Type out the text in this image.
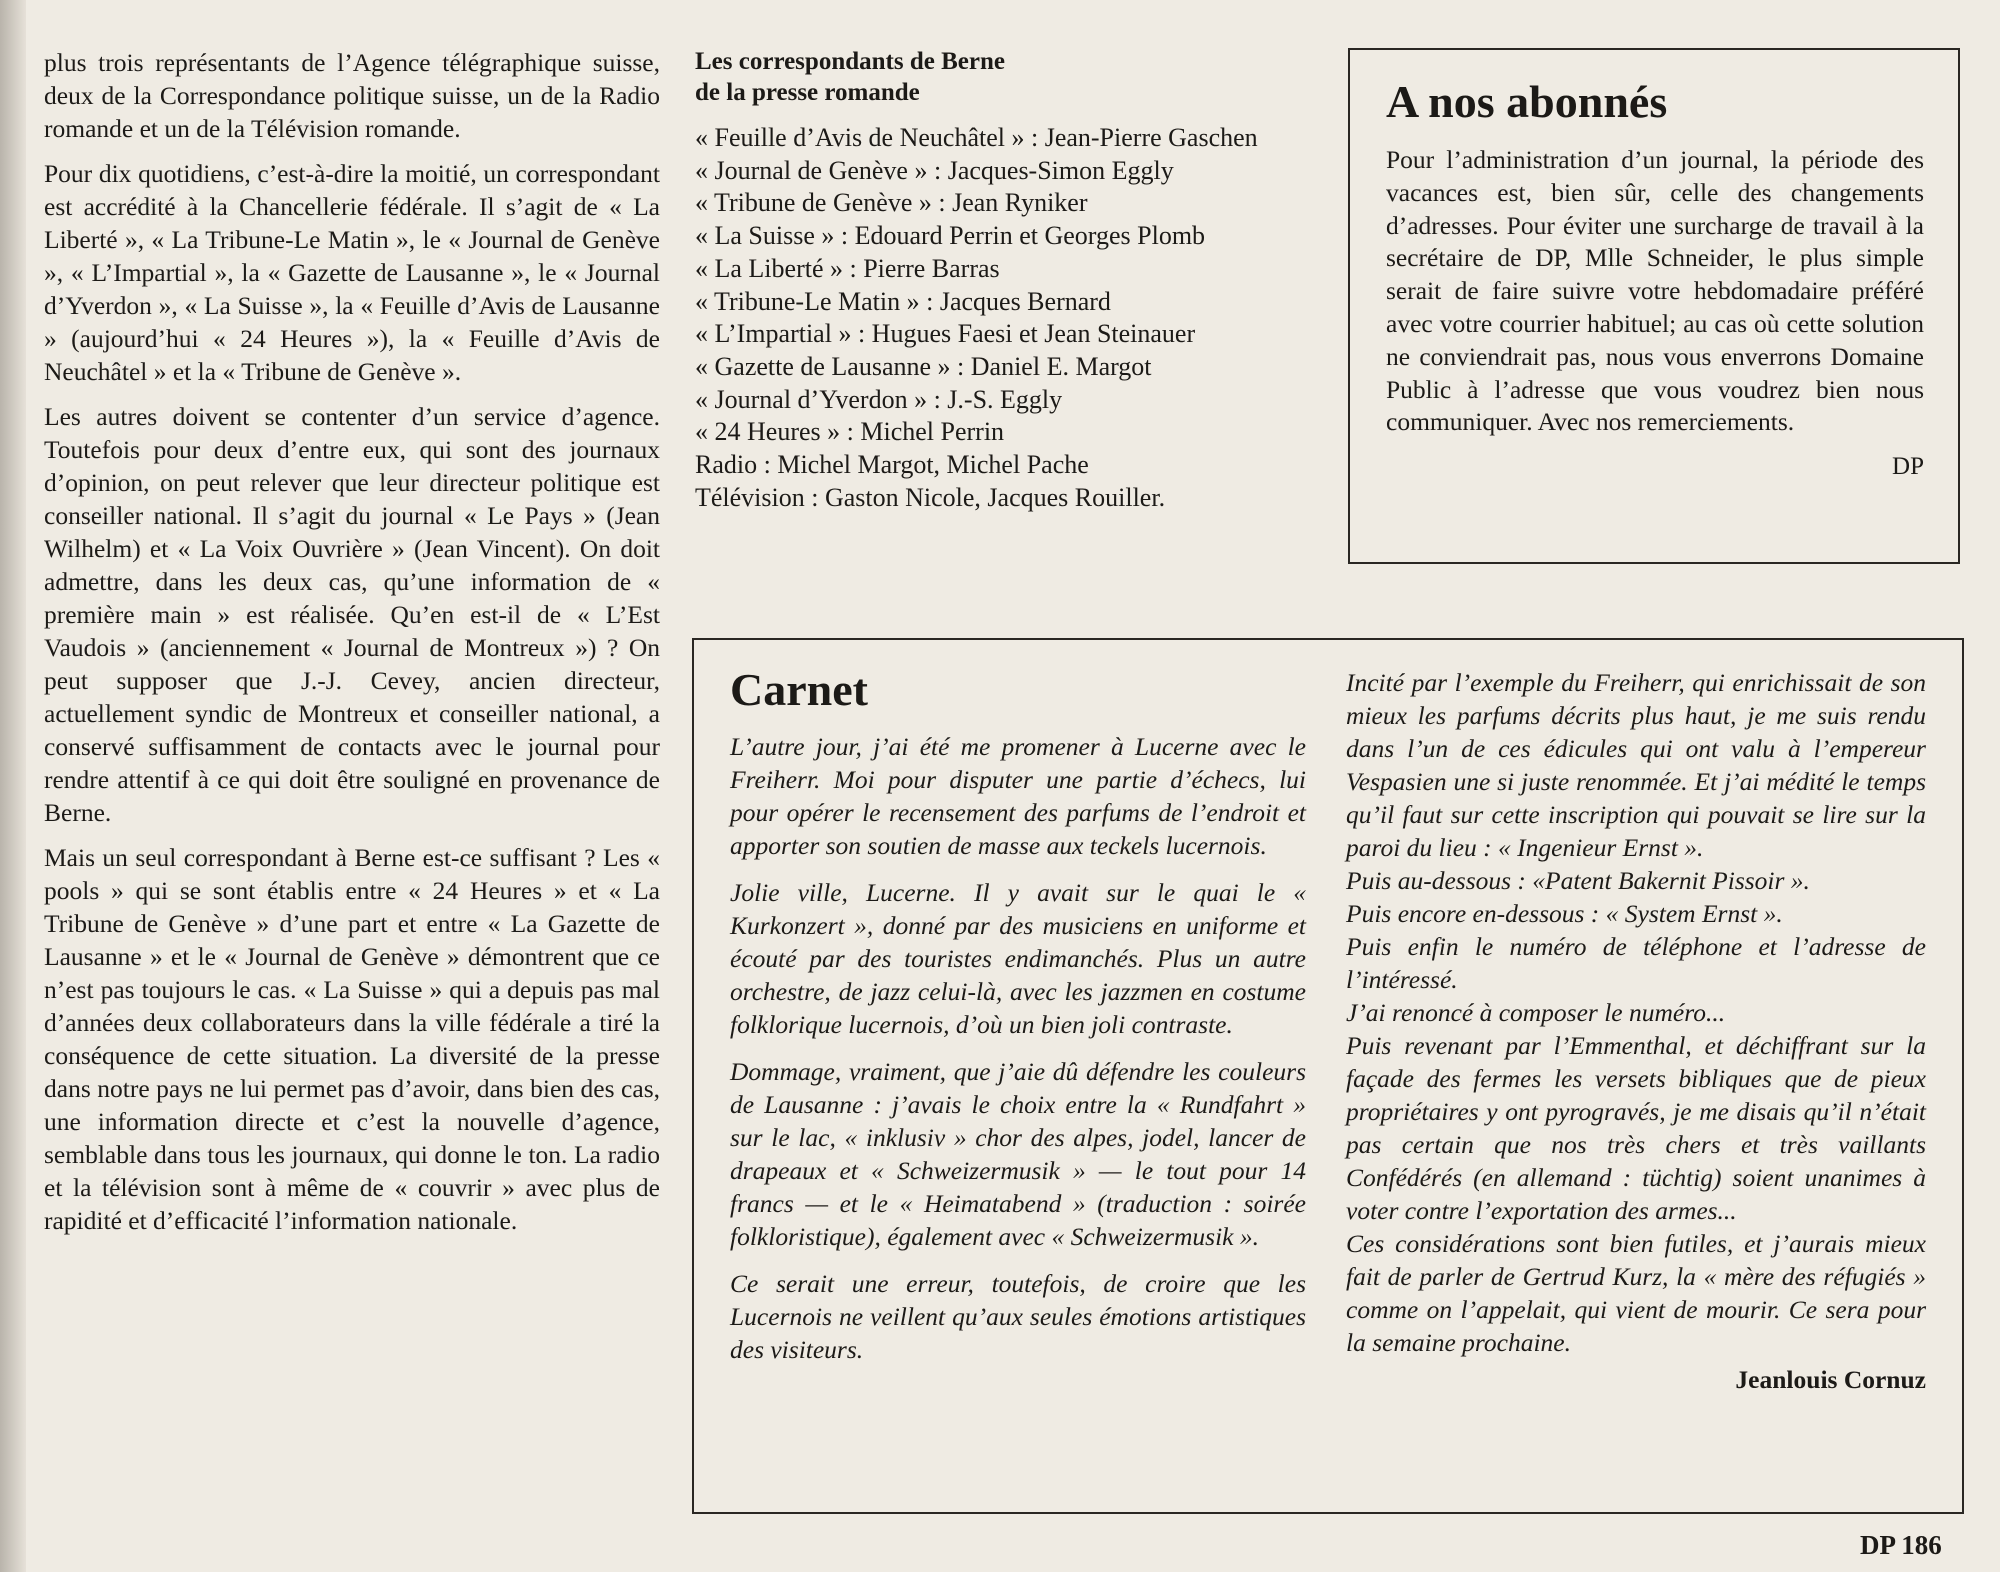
plus trois représentants de l’Agence télégraphique suisse, deux de la Correspondance politique suisse, un de la Radio romande et un de la Télévision romande.

Pour dix quotidiens, c’est-à-dire la moitié, un correspondant est accrédité à la Chancellerie fédérale. Il s’agit de « La Liberté », « La Tribune-Le Matin », le « Journal de Genève », « L’Impartial », la « Gazette de Lausanne », le « Journal d’Yverdon », « La Suisse », la « Feuille d’Avis de Lausanne » (aujourd’hui « 24 Heures »), la « Feuille d’Avis de Neuchâtel » et la « Tribune de Genève ».

Les autres doivent se contenter d’un service d’agence. Toutefois pour deux d’entre eux, qui sont des journaux d’opinion, on peut relever que leur directeur politique est conseiller national. Il s’agit du journal « Le Pays » (Jean Wilhelm) et « La Voix Ouvrière » (Jean Vincent). On doit admettre, dans les deux cas, qu’une information de « première main » est réalisée. Qu’en est-il de « L’Est Vaudois » (anciennement « Journal de Montreux ») ? On peut supposer que J.-J. Cevey, ancien directeur, actuellement syndic de Montreux et conseiller national, a conservé suffisamment de contacts avec le journal pour rendre attentif à ce qui doit être souligné en provenance de Berne.

Mais un seul correspondant à Berne est-ce suffisant ? Les « pools » qui se sont établis entre « 24 Heures » et « La Tribune de Genève » d’une part et entre « La Gazette de Lausanne » et le « Journal de Genève » démontrent que ce n’est pas toujours le cas. « La Suisse » qui a depuis pas mal d’années deux collaborateurs dans la ville fédérale a tiré la conséquence de cette situation. La diversité de la presse dans notre pays ne lui permet pas d’avoir, dans bien des cas, une information directe et c’est la nouvelle d’agence, semblable dans tous les journaux, qui donne le ton. La radio et la télévision sont à même de « couvrir » avec plus de rapidité et d’efficacité l’information nationale.

Les correspondants de Berne
de la presse romande
« Feuille d’Avis de Neuchâtel » : Jean-Pierre Gaschen
« Journal de Genève » : Jacques-Simon Eggly
« Tribune de Genève » : Jean Ryniker
« La Suisse » : Edouard Perrin et Georges Plomb
« La Liberté » : Pierre Barras
« Tribune-Le Matin » : Jacques Bernard
« L’Impartial » : Hugues Faesi et Jean Steinauer
« Gazette de Lausanne » : Daniel E. Margot
« Journal d’Yverdon » : J.-S. Eggly
« 24 Heures » : Michel Perrin
Radio : Michel Margot, Michel Pache
Télévision : Gaston Nicole, Jacques Rouiller.
A nos abonnés

Pour l’administration d’un journal, la période des vacances est, bien sûr, celle des changements d’adresses. Pour éviter une surcharge de travail à la secrétaire de DP, Mlle Schneider, le plus simple serait de faire suivre votre hebdomadaire préféré avec votre courrier habituel; au cas où cette solution ne conviendrait pas, nous vous enverrons Domaine Public à l’adresse que vous voudrez bien nous communiquer. Avec nos remerciements.

DP
Carnet

L’autre jour, j’ai été me promener à Lucerne avec le Freiherr. Moi pour disputer une partie d’échecs, lui pour opérer le recensement des parfums de l’endroit et apporter son soutien de masse aux teckels lucernois.

Jolie ville, Lucerne. Il y avait sur le quai le « Kurkonzert », donné par des musiciens en uniforme et écouté par des touristes endimanchés. Plus un autre orchestre, de jazz celui-là, avec les jazzmen en costume folklorique lucernois, d’où un bien joli contraste.

Dommage, vraiment, que j’aie dû défendre les couleurs de Lausanne : j’avais le choix entre la « Rundfahrt » sur le lac, « inklusiv » chor des alpes, jodel, lancer de drapeaux et « Schweizermusik » — le tout pour 14 francs — et le « Heimatabend » (traduction : soirée folkloristique), également avec « Schweizermusik ».

Ce serait une erreur, toutefois, de croire que les Lucernois ne veillent qu’aux seules émotions artistiques des visiteurs.

Incité par l’exemple du Freiherr, qui enrichissait de son mieux les parfums décrits plus haut, je me suis rendu dans l’un de ces édicules qui ont valu à l’empereur Vespasien une si juste renommée. Et j’ai médité le temps qu’il faut sur cette inscription qui pouvait se lire sur la paroi du lieu : « Ingenieur Ernst ».

Puis au-dessous : «Patent Bakernit Pissoir ».

Puis encore en-dessous : « System Ernst ».

Puis enfin le numéro de téléphone et l’adresse de l’intéressé.

J’ai renoncé à composer le numéro...

Puis revenant par l’Emmenthal, et déchiffrant sur la façade des fermes les versets bibliques que de pieux propriétaires y ont pyrogravés, je me disais qu’il n’était pas certain que nos très chers et très vaillants Confédérés (en allemand : tüchtig) soient unanimes à voter contre l’exportation des armes...

Ces considérations sont bien futiles, et j’aurais mieux fait de parler de Gertrud Kurz, la « mère des réfugiés » comme on l’appelait, qui vient de mourir. Ce sera pour la semaine prochaine.

Jeanlouis Cornuz
DP 186
